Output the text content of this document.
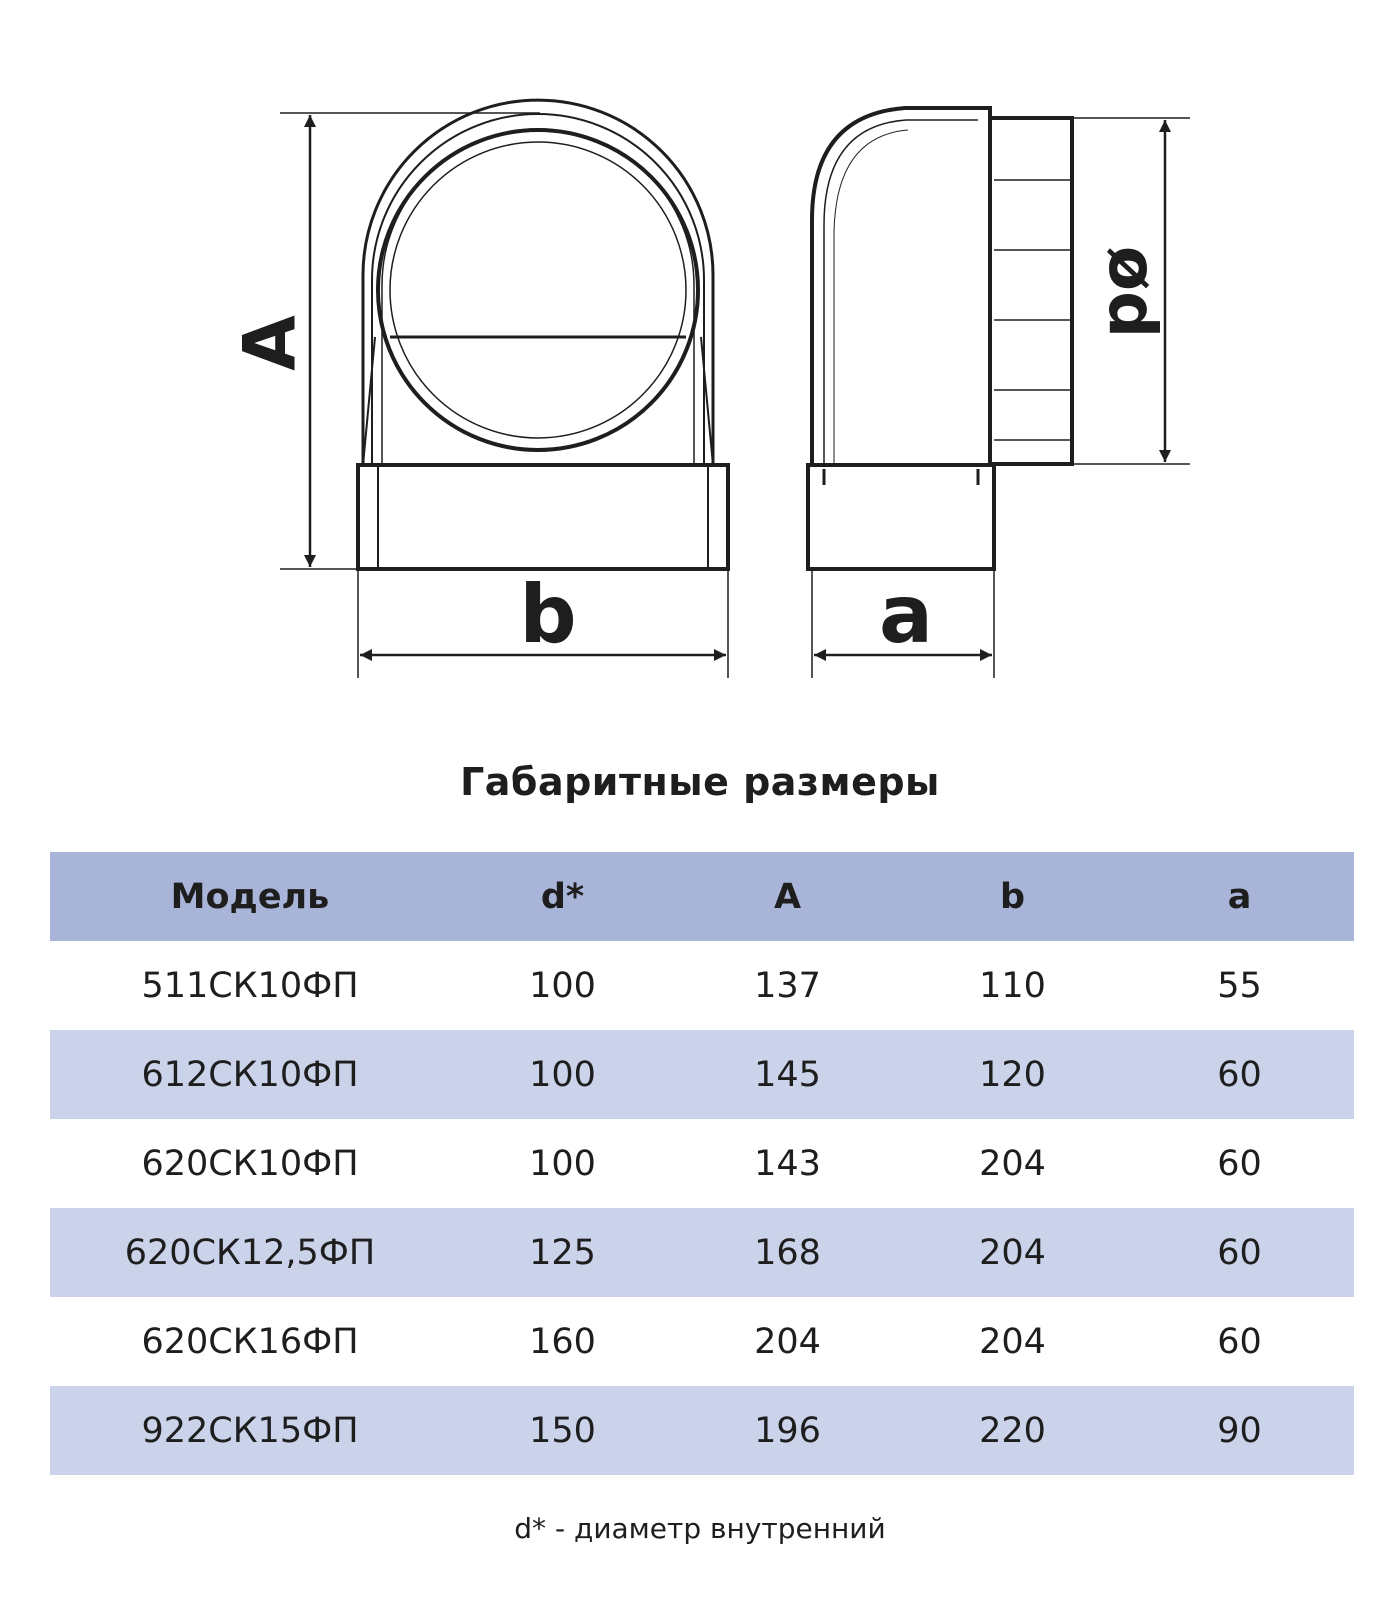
A
b	a
ød
Габаритные размеры
Модель	d*	A	b	a
511СК10ФП	100	137	110	55
612СК10ФП	100	145	120	60
620СК10ФП	100	143	204	60
620СК12,5ФП	125	168	204	60
620СК16ФП	160	204	204	60
922СК15ФП	150	196	220	90
d* - диаметр внутренний
